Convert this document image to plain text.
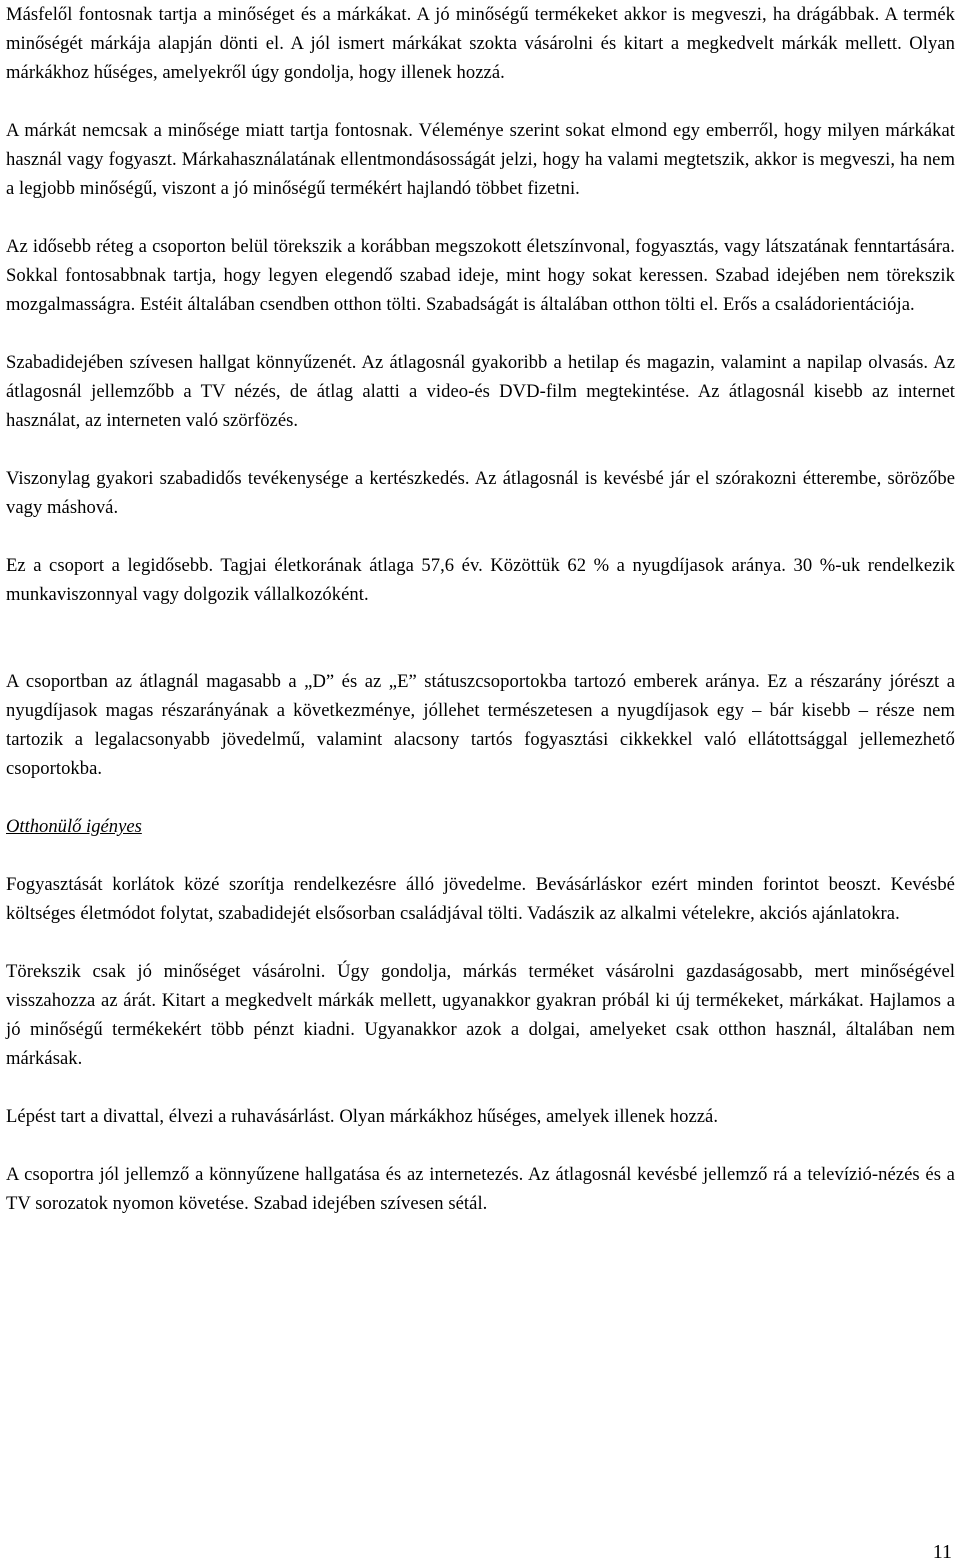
Másfelől fontosnak tartja a minőséget és a márkákat. A jó minőségű termékeket akkor is megveszi, ha drágábbak. A termék minőségét márkája alapján dönti el. A jól ismert márkákat szokta vásárolni és kitart a megkedvelt márkák mellett. Olyan márkákhoz hűséges, amelyekről úgy gondolja, hogy illenek hozzá.

A márkát nemcsak a minősége miatt tartja fontosnak. Véleménye szerint sokat elmond egy emberről, hogy milyen márkákat használ vagy fogyaszt. Márkahasználatának ellentmondásosságát jelzi, hogy ha valami megtetszik, akkor is megveszi, ha nem a legjobb minőségű, viszont a jó minőségű termékért hajlandó többet fizetni.

Az idősebb réteg a csoporton belül törekszik a korábban megszokott életszínvonal, fogyasztás, vagy látszatának fenntartására. Sokkal fontosabbnak tartja, hogy legyen elegendő szabad ideje, mint hogy sokat keressen. Szabad idejében nem törekszik mozgalmasságra. Estéit általában csendben otthon tölti. Szabadságát is általában otthon tölti el. Erős a családorientációja.

Szabadidejében szívesen hallgat könnyűzenét. Az átlagosnál gyakoribb a hetilap és magazin, valamint a napilap olvasás. Az átlagosnál jellemzőbb a TV nézés, de átlag alatti a video-és DVD-film megtekintése. Az átlagosnál kisebb az internet használat, az interneten való szörfözés.

Viszonylag gyakori szabadidős tevékenysége a kertészkedés. Az átlagosnál is kevésbé jár el szórakozni étterembe, sörözőbe vagy máshová.

Ez a csoport a legidősebb. Tagjai életkorának átlaga 57,6 év. Közöttük 62 % a nyugdíjasok aránya. 30 %-uk rendelkezik munkaviszonnyal vagy dolgozik vállalkozóként.

A csoportban az átlagnál magasabb a „D” és az „E” státuszcsoportokba tartozó emberek aránya. Ez a részarány jórészt a nyugdíjasok magas részarányának a következménye, jóllehet természetesen a nyugdíjasok egy – bár kisebb – része nem tartozik a legalacsonyabb jövedelmű, valamint alacsony tartós fogyasztási cikkekkel való ellátottsággal jellemezhető csoportokba.

Otthonülő igényes

Fogyasztását korlátok közé szorítja rendelkezésre álló jövedelme. Bevásárláskor ezért minden forintot beoszt. Kevésbé költséges életmódot folytat, szabadidejét elsősorban családjával tölti. Vadászik az alkalmi vételekre, akciós ajánlatokra.

Törekszik csak jó minőséget vásárolni. Úgy gondolja, márkás terméket vásárolni gazdaságosabb, mert minőségével visszahozza az árát. Kitart a megkedvelt márkák mellett, ugyanakkor gyakran próbál ki új termékeket, márkákat. Hajlamos a jó minőségű termékekért több pénzt kiadni. Ugyanakkor azok a dolgai, amelyeket csak otthon használ, általában nem márkásak.

Lépést tart a divattal, élvezi a ruhavásárlást. Olyan márkákhoz hűséges, amelyek illenek hozzá.

A csoportra jól jellemző a könnyűzene hallgatása és az internetezés. Az átlagosnál kevésbé jellemző rá a televízió-nézés és a TV sorozatok nyomon követése. Szabad idejében szívesen sétál.

11
